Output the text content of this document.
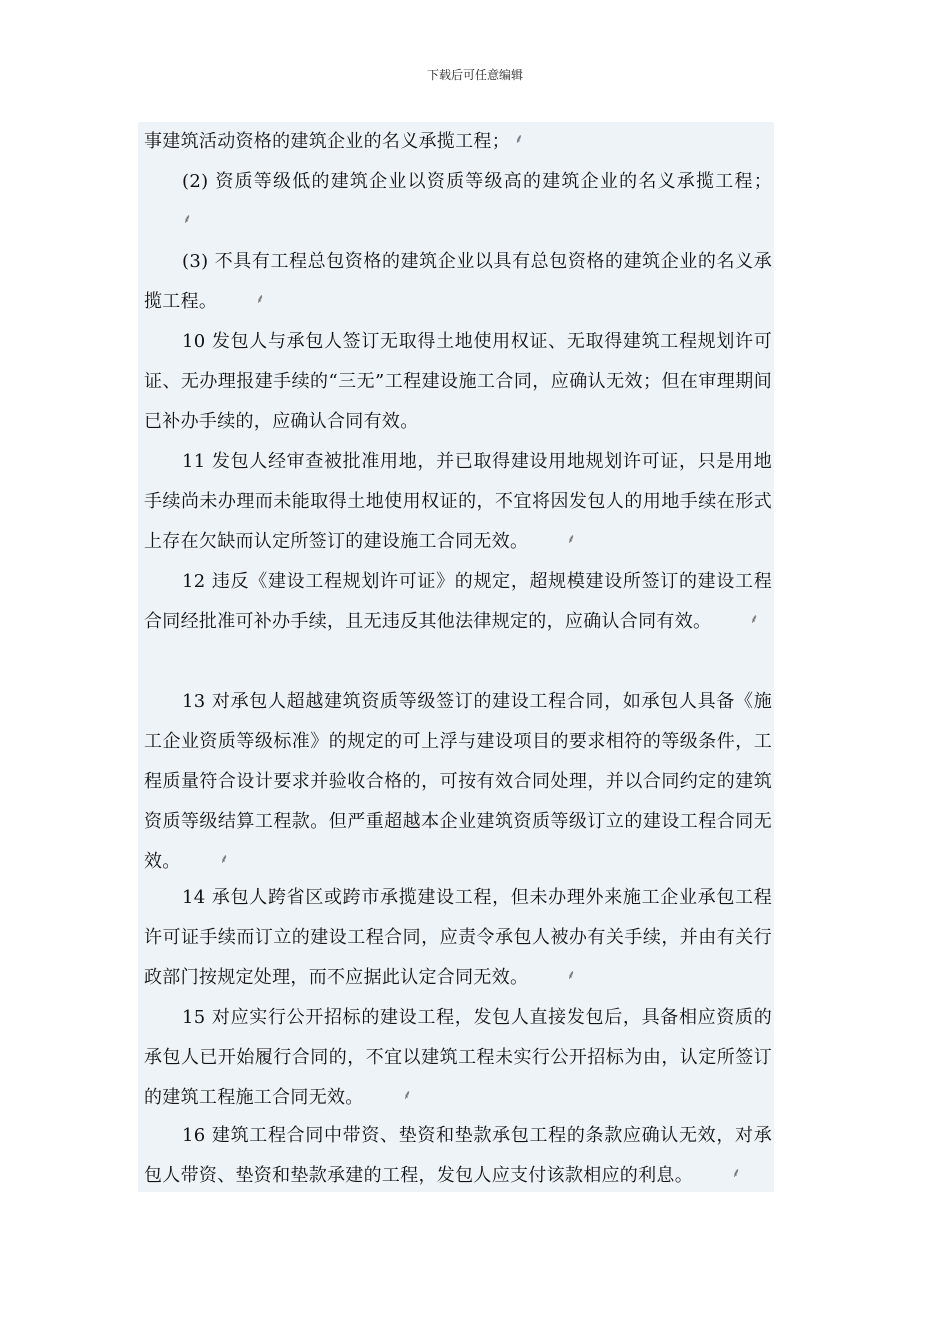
下载后可任意编辑

事建筑活动资格的建筑企业的名义承揽工程； ⸙

(2) 资质等级低的建筑企业以资质等级高的建筑企业的名义承揽工程；⸙

(3) 不具有工程总包资格的建筑企业以具有总包资格的建筑企业的名义承揽工程。	⸙

10 发包人与承包人签订无取得土地使用权证、无取得建筑工程规划许可证、无办理报建手续的“三无”工程建设施工合同，应确认无效；但在审理期间已补办手续的，应确认合同有效。

11 发包人经审查被批准用地，并已取得建设用地规划许可证，只是用地手续尚未办理而未能取得土地使用权证的，不宜将因发包人的用地手续在形式上存在欠缺而认定所签订的建设施工合同无效。	⸙

12 违反《建设工程规划许可证》的规定，超规模建设所签订的建设工程合同经批准可补办手续，且无违反其他法律规定的，应确认合同有效。	⸙

13 对承包人超越建筑资质等级签订的建设工程合同，如承包人具备《施工企业资质等级标准》的规定的可上浮与建设项目的要求相符的等级条件，工程质量符合设计要求并验收合格的，可按有效合同处理，并以合同约定的建筑资质等级结算工程款。但严重超越本企业建筑资质等级订立的建设工程合同无效。	⸙

14 承包人跨省区或跨市承揽建设工程，但未办理外来施工企业承包工程许可证手续而订立的建设工程合同，应责令承包人被办有关手续，并由有关行政部门按规定处理，而不应据此认定合同无效。	⸙

15 对应实行公开招标的建设工程，发包人直接发包后，具备相应资质的承包人已开始履行合同的，不宜以建筑工程未实行公开招标为由，认定所签订的建筑工程施工合同无效。	⸙

16 建筑工程合同中带资、垫资和垫款承包工程的条款应确认无效，对承包人带资、垫资和垫款承建的工程，发包人应支付该款相应的利息。	⸙
